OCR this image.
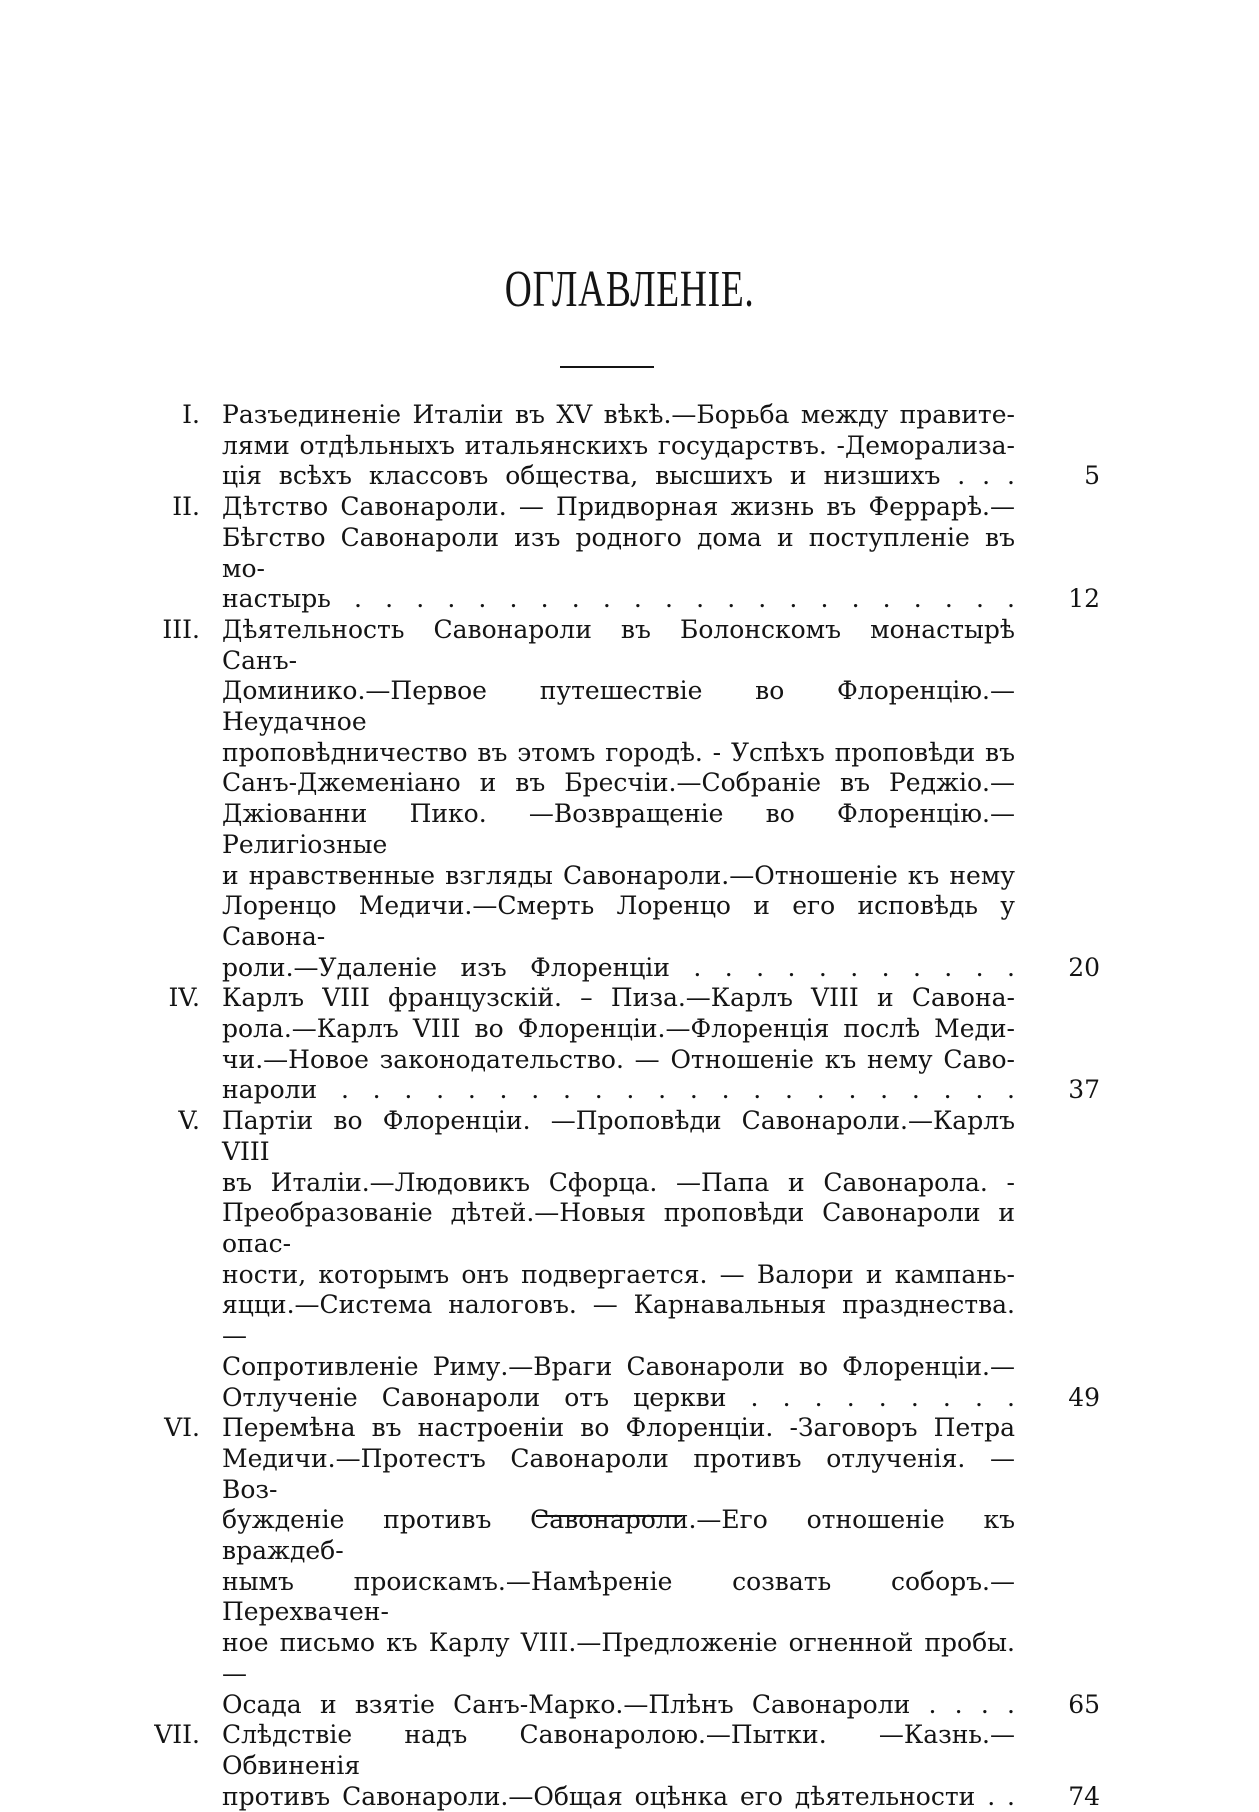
ОГЛАВЛЕНІЕ.
I. Разъединеніе Италіи въ XV вѣкѣ.—Борьба между правите-
лями отдѣльныхъ итальянскихъ государствъ. -Деморализа-
ція всѣхъ классовъ общества, высшихъ и низшихъ . . .	5
II. Дѣтство Савонароли. — Придворная жизнь въ Феррарѣ.—
Бѣгство Савонароли изъ родного дома и поступленіе въ мо-
настырь . . . . . . . . . . . . . . . . . . . . . .	12
III. Дѣятельность Савонароли въ Болонскомъ монастырѣ Санъ-
Доминико.—Первое путешествіе во Флоренцію.—Неудачное
проповѣдничество въ этомъ городѣ. - Успѣхъ проповѣди въ
Санъ-Джеменіано и въ Бресчіи.—Собраніе въ Реджіо.—
Джіованни Пико. —Возвращеніе во Флоренцію.—Религіозные
и нравственные взгляды Савонароли.—Отношеніе къ нему
Лоренцо Медичи.—Смерть Лоренцо и его исповѣдь у Савона-
роли.—Удаленіе изъ Флоренціи . . . . . . . . . . .	20
IV. Карлъ VIII французскій. – Пиза.—Карлъ VIII и Савона-
рола.—Карлъ VIII во Флоренціи.—Флоренція послѣ Меди-
чи.—Новое законодательство. — Отношеніе къ нему Саво-
нароли . . . . . . . . . . . . . . . . . . . . . .	37
V. Партіи во Флоренціи. —Проповѣди Савонароли.—Карлъ VIII
въ Италіи.—Людовикъ Сфорца. —Папа и Савонарола. -
Преобразованіе дѣтей.—Новыя проповѣди Савонароли и опас-
ности, которымъ онъ подвергается. — Валори и кампань-
яцци.—Система налоговъ. — Карнавальныя празднества. —
Сопротивленіе Риму.—Враги Савонароли во Флоренціи.—
Отлученіе Савонароли отъ церкви . . . . . . . . .	49
VI. Перемѣна въ настроеніи во Флоренціи. -Заговоръ Петра
Медичи.—Протестъ Савонароли противъ отлученія. — Воз-
бужденіе противъ Савонароли.—Его отношеніе къ враждеб-
нымъ проискамъ.—Намѣреніе созвать соборъ.—Перехвачен-
ное письмо къ Карлу VIII.—Предложеніе огненной пробы.—
Осада и взятіе Санъ-Марко.—Плѣнъ Савонароли . . . .	65
VII. Слѣдствіе надъ Савонаролою.—Пытки. —Казнь.—Обвиненія
противъ Савонароли.—Общая оцѣнка его дѣятельности . .	74
